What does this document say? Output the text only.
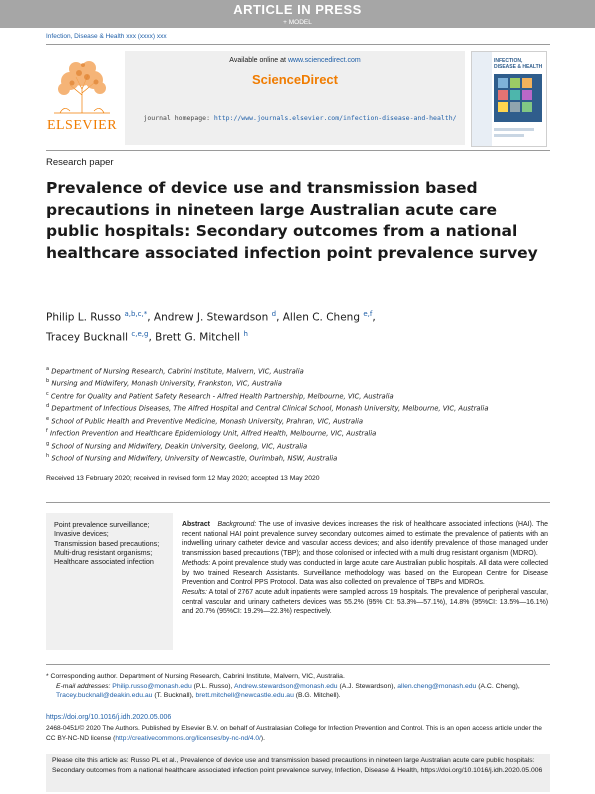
ARTICLE IN PRESS
+ MODEL
Infection, Disease & Health xxx (xxxx) xxx
ELSEVIER
Available online at www.sciencedirect.com
ScienceDirect
journal homepage: http://www.journals.elsevier.com/infection-disease-and-health/
INFECTION, DISEASE & HEALTH
Research paper
Prevalence of device use and transmission based precautions in nineteen large Australian acute care public hospitals: Secondary outcomes from a national healthcare associated infection point prevalence survey
Philip L. Russo $^{a,b,c,*}$, Andrew J. Stewardson $^d$, Allen C. Cheng $^{e,f}$,
Tracey Bucknall $^{c,e,g}$, Brett G. Mitchell $^h$
$^a$ Department of Nursing Research, Cabrini Institute, Malvern, VIC, Australia
$^b$ Nursing and Midwifery, Monash University, Frankston, VIC, Australia
$^c$ Centre for Quality and Patient Safety Research - Alfred Health Partnership, Melbourne, VIC, Australia
$^d$ Department of Infectious Diseases, The Alfred Hospital and Central Clinical School, Monash University, Melbourne, VIC, Australia
$^e$ School of Public Health and Preventive Medicine, Monash University, Prahran, VIC, Australia
$^f$ Infection Prevention and Healthcare Epidemiology Unit, Alfred Health, Melbourne, VIC, Australia
$^g$ School of Nursing and Midwifery, Deakin University, Geelong, VIC, Australia
$^h$ School of Nursing and Midwifery, University of Newcastle, Ourimbah, NSW, Australia
Received 13 February 2020; received in revised form 12 May 2020; accepted 13 May 2020
Point prevalence surveillance;
Invasive devices;
Transmission based precautions;
Multi-drug resistant organisms;
Healthcare associated infection
Abstract Background: The use of invasive devices increases the risk of healthcare associated infections (HAI). The recent national HAI point prevalence survey secondary outcomes aimed to estimate the prevalence of patients with an indwelling urinary catheter device and vascular access devices; and also identify prevalence of those managed under transmission based precautions (TBP); and those colonised or infected with a multi drug resistant organism (MDRO).
Methods: A point prevalence study was conducted in large acute care Australian public hospitals. All data were collected by two trained Research Assistants. Surveillance methodology was based on the European Centre for Disease Prevention and Control PPS Protocol. Data was also collected on prevalence of TBPs and MDROs.
Results: A total of 2767 acute adult inpatients were sampled across 19 hospitals. The prevalence of peripheral vascular, central vascular and urinary catheters devices was 55.2% (95% CI: 53.3%—57.1%), 14.8% (95%CI: 13.5%—16.1%) and 20.7% (95%CI: 19.2%—22.3%) respectively.
* Corresponding author. Department of Nursing Research, Cabrini Institute, Malvern, VIC, Australia.
E-mail addresses: Philip.russo@monash.edu (P.L. Russo), Andrew.stewardson@monash.edu (A.J. Stewardson), allen.cheng@monash.edu (A.C. Cheng), Tracey.bucknall@deakin.edu.au (T. Bucknall), brett.mitchell@newcastle.edu.au (B.G. Mitchell).
https://doi.org/10.1016/j.idh.2020.05.006
2468-0451/© 2020 The Authors. Published by Elsevier B.V. on behalf of Australasian College for Infection Prevention and Control. This is an open access article under the CC BY-NC-ND license (http://creativecommons.org/licenses/by-nc-nd/4.0/).
Please cite this article as: Russo PL et al., Prevalence of device use and transmission based precautions in nineteen large Australian acute care public hospitals: Secondary outcomes from a national healthcare associated infection point prevalence survey, Infection, Disease & Health, https://doi.org/10.1016/j.idh.2020.05.006
